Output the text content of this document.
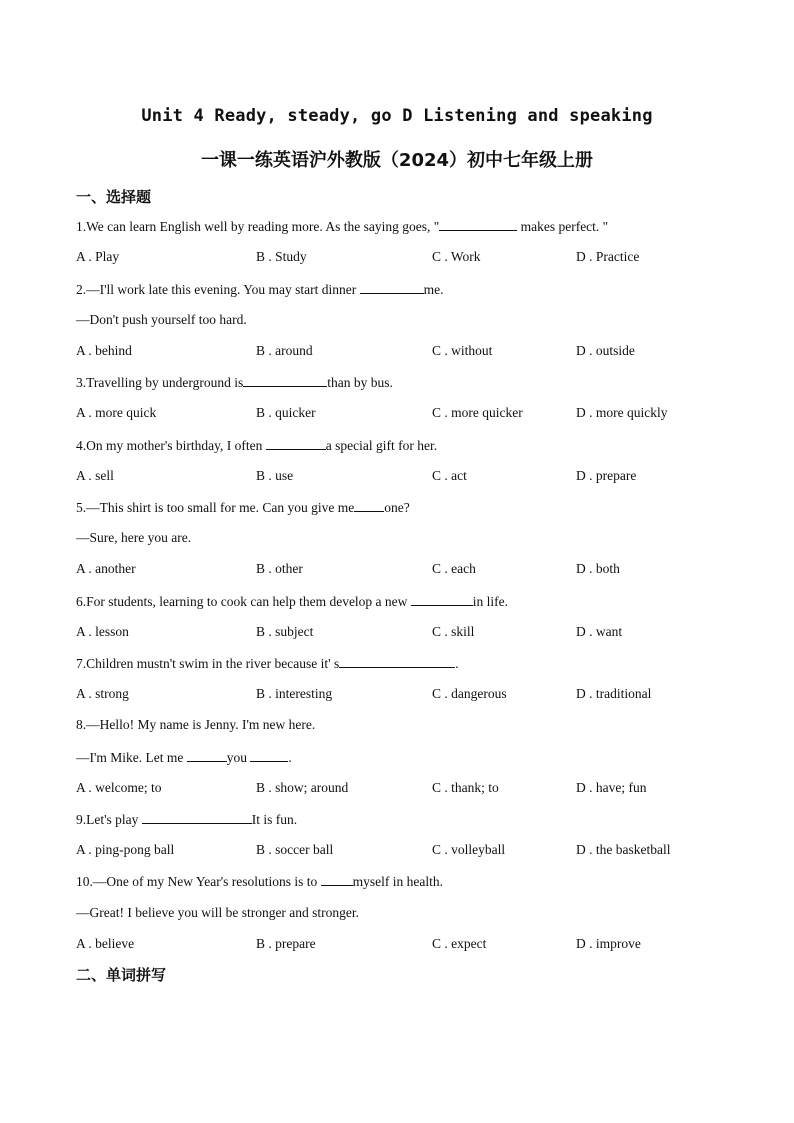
Unit 4 Ready, steady, go D Listening and speaking
一课一练英语沪外教版（2024）初中七年级上册
一、选择题
1.We can learn English well by reading more. As the saying goes, "	makes perfect. "
A . Play	B . Study	C . Work	D . Practice
2.—I'll work late this evening. You may start dinner	me.
—Don't push yourself too hard.
A . behind	B . around	C . without	D . outside
3.Travelling by underground is	than by bus.
A . more quick	B . quicker	C . more quicker	D . more quickly
4.On my mother's birthday, I often	a special gift for her.
A . sell	B . use	C . act	D . prepare
5.—This shirt is too small for me. Can you give me one?
—Sure, here you are.
A . another	B . other	C . each	D . both
6.For students, learning to cook can help them develop a new	in life.
A . lesson	B . subject	C . skill	D . want
7.Children mustn't swim in the river because it' s	.
A . strong	B . interesting	C . dangerous	D . traditional
8.—Hello! My name is Jenny. I'm new here.
—I'm Mike. Let me	you	.
A . welcome; to	B . show; around	C . thank; to	D . have; fun
9.Let's play	It is fun.
A . ping-pong ball	B . soccer ball	C . volleyball	D . the basketball
10.—One of my New Year's resolutions is to myself in health.
—Great! I believe you will be stronger and stronger.
A . believe	B . prepare	C . expect	D . improve
二、单词拼写
